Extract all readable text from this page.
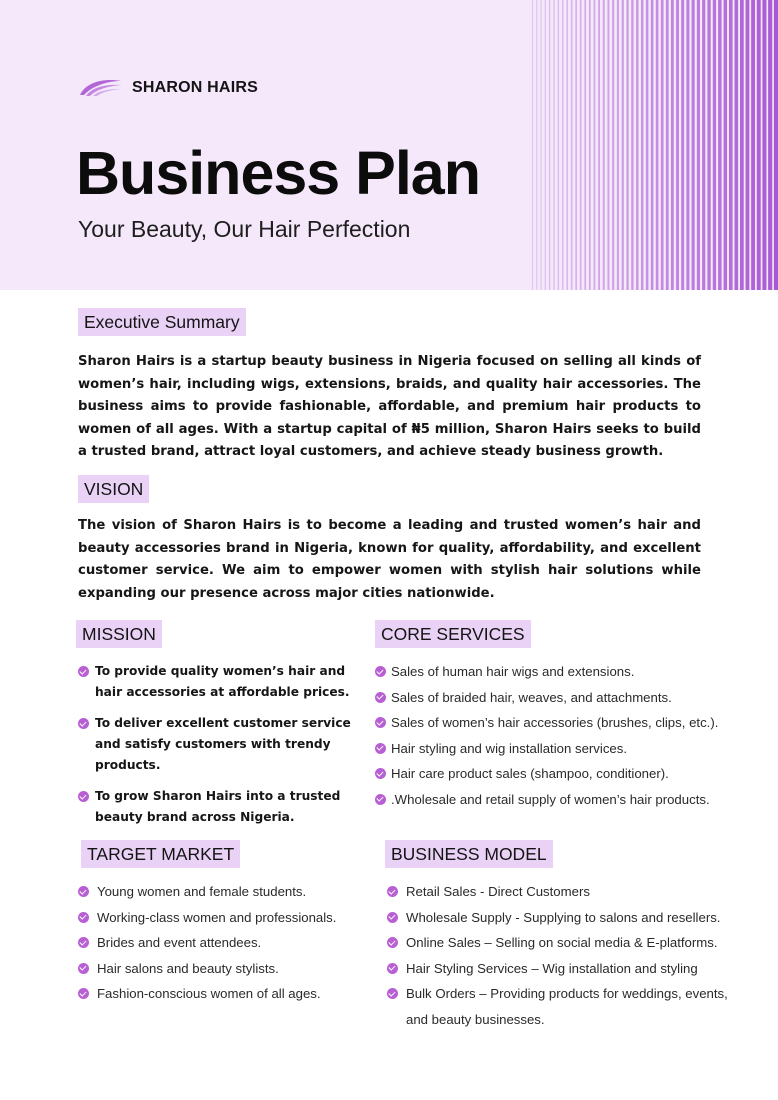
SHARON HAIRS
Business Plan
Your Beauty, Our Hair Perfection
Executive Summary

Sharon Hairs is a startup beauty business in Nigeria focused on selling all kinds of women’s hair, including wigs, extensions, braids, and quality hair accessories. The business aims to provide fashionable, affordable, and premium hair products to women of all ages. With a startup capital of ₦5 million, Sharon Hairs seeks to build a trusted brand, attract loyal customers, and achieve steady business growth.

VISION

The vision of Sharon Hairs is to become a leading and trusted women’s hair and beauty accessories brand in Nigeria, known for quality, affordability, and excellent customer service. We aim to empower women with stylish hair solutions while expanding our presence across major cities nationwide.

MISSION
To provide quality women’s hair and hair accessories at affordable prices.
To deliver excellent customer service and satisfy customers with trendy products.
To grow Sharon Hairs into a trusted beauty brand across Nigeria.
CORE SERVICES
Sales of human hair wigs and extensions.
Sales of braided hair, weaves, and attachments.
Sales of women’s hair accessories (brushes, clips, etc.).
Hair styling and wig installation services.
Hair care product sales (shampoo, conditioner).
.Wholesale and retail supply of women’s hair products.
TARGET MARKET
Young women and female students.
Working-class women and professionals.
Brides and event attendees.
Hair salons and beauty stylists.
Fashion-conscious women of all ages.
BUSINESS MODEL
Retail Sales - Direct Customers
Wholesale Supply - Supplying to salons and resellers.
Online Sales – Selling on social media & E-platforms.
Hair Styling Services – Wig installation and styling
Bulk Orders – Providing products for weddings, events, and beauty businesses.
